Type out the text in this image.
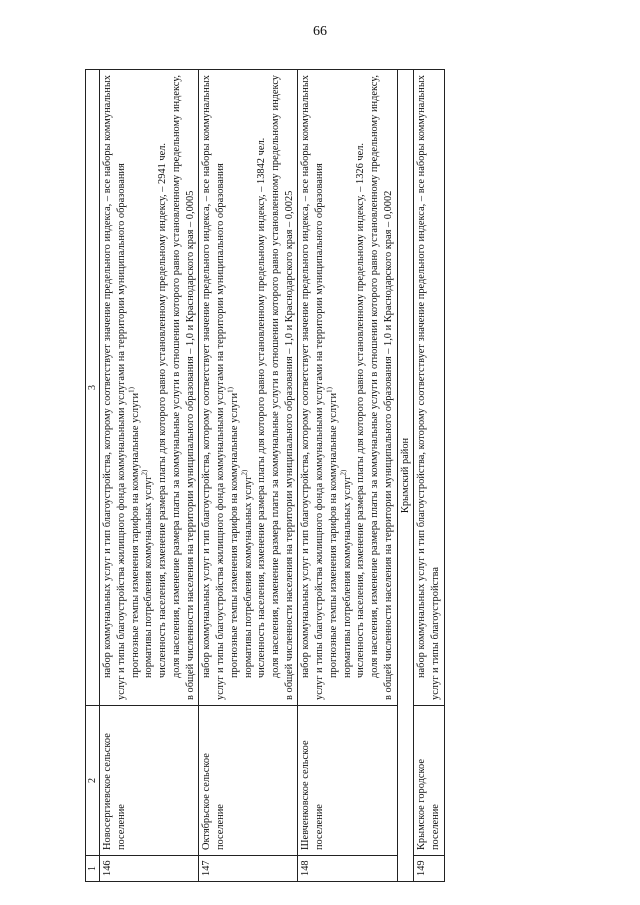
66
1	2	3
146	Новосергиевское сельское поселение	набор коммунальных услуг и тип благоустройства, которому соответствует значение предельного индекса, – все наборы коммунальных услуг и типы благоустройства жилищного фонда коммунальными услугами на территории муниципального образования прогнозные темпы изменения тарифов на коммунальные услуги$^{1)}$

нормативы потребления коммунальных услуг$^{2)}$ численность населения, изменение размера платы для которого равно установленному предельному индексу, – 2941 чел. доля населения, изменение размера платы за коммунальные услуги в отношении которого равно установленному предельному индексу, в общей численности населения на территории муниципального образования – 1,0 и Краснодарского края – 0,0005

147	Октябрьское сельское поселение	набор коммунальных услуг и тип благоустройства, которому соответствует значение предельного индекса, – все наборы коммунальных услуг и типы благоустройства жилищного фонда коммунальными услугами на территории муниципального образования прогнозные темпы изменения тарифов на коммунальные услуги$^{1)}$

нормативы потребления коммунальных услуг$^{2)}$ численность населения, изменение размера платы для которого равно установленному предельному индексу, – 13842 чел. доля населения, изменение размера платы за коммунальные услуги в отношении которого равно установленному предельному индексу в общей численности населения на территории муниципального образования – 1,0 и Краснодарского края – 0,0025

148	Шевченковское сельское поселение	набор коммунальных услуг и тип благоустройства, которому соответствует значение предельного индекса, – все наборы коммунальных услуг и типы благоустройства жилищного фонда коммунальными услугами на территории муниципального образования прогнозные темпы изменения тарифов на коммунальные услуги$^{1)}$

нормативы потребления коммунальных услуг$^{2)}$ численность населения, изменение размера платы для которого равно установленному предельному индексу, – 1326 чел. доля населения, изменение размера платы за коммунальные услуги в отношении которого равно установленному предельному индексу, в общей численности населения на территории муниципального образования – 1,0 и Краснодарского края – 0,0002

Крымский район		
149	Крымское городское поселение	набор коммунальных услуг и тип благоустройства, которому соответствует значение предельного индекса, – все наборы коммунальных услуг и типы благоустройства
